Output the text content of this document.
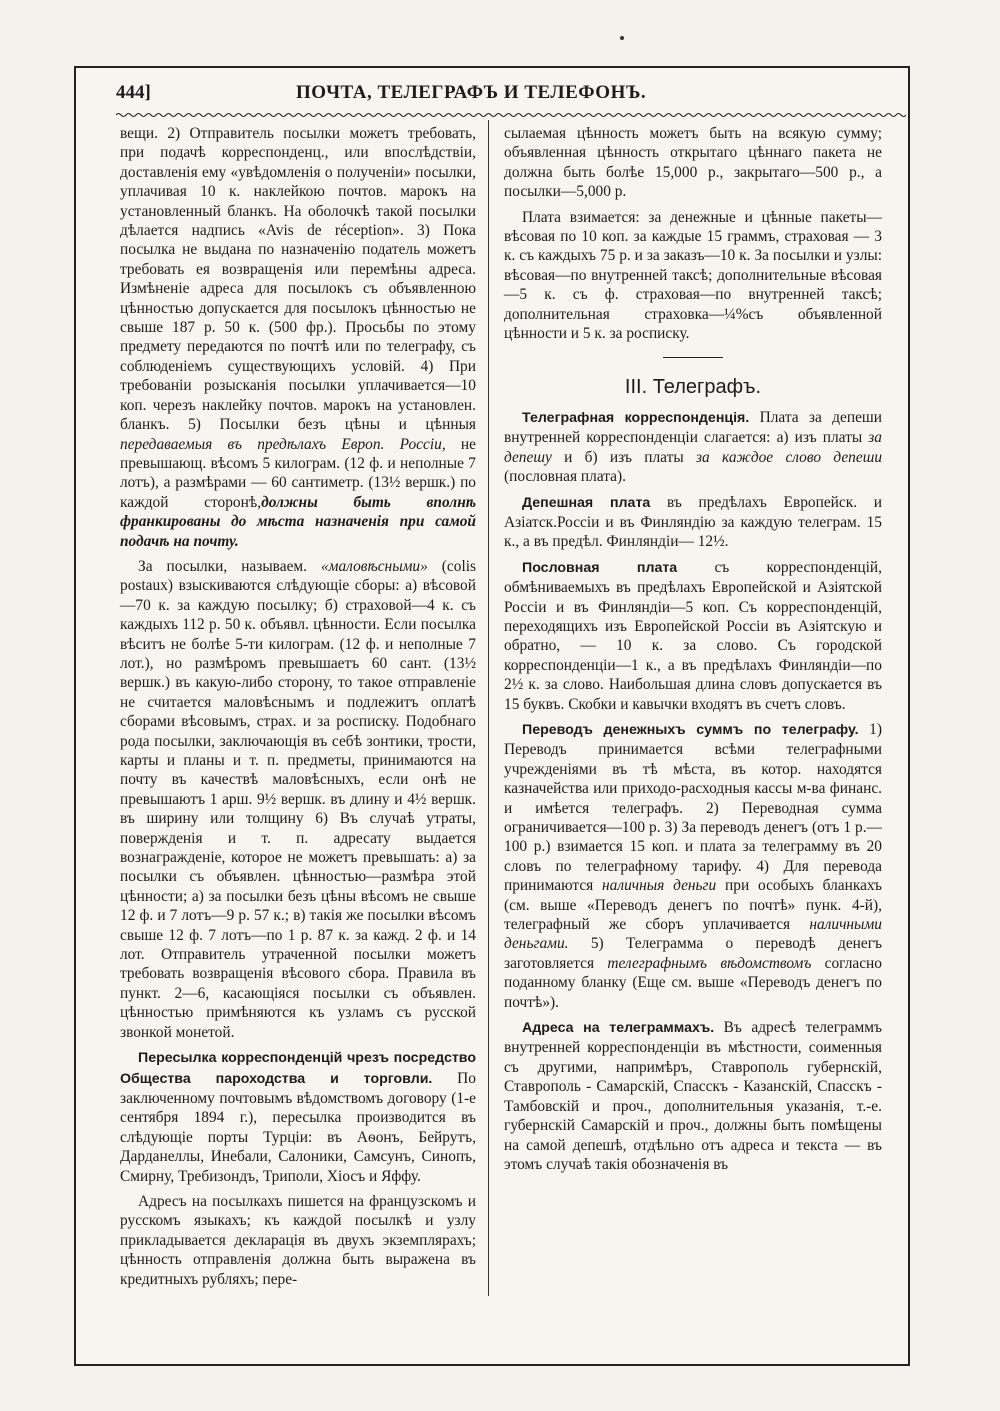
444]	ПОЧТА, ТЕЛЕГРАФЪ И ТЕЛЕФОНЪ.

вещи. 2) Отправитель посылки можетъ требовать, при подачѣ корреспонденц., или впослѣдствіи, доставленія ему «увѣдомленія о полученіи» посылки, уплачивая 10 к. наклейкою почтов. марокъ на установленный бланкъ. На оболочкѣ такой посылки дѣлается надпись «Avis de réception». 3) Пока посылка не выдана по назначенію податель можетъ требовать ея возвращенія или перемѣны адреса. Измѣненіе адреса для посылокъ съ объявленною цѣнностью допускается для посылокъ цѣнностью не свыше 187 р. 50 к. (500 фр.). Просьбы по этому предмету передаются по почтѣ или по телеграфу, съ соблюденіемъ существующихъ условій. 4) При требованіи розысканія посылки уплачивается—10 коп. черезъ наклейку почтов. марокъ на установлен. бланкъ. 5) Посылки безъ цѣны и цѣнныя передаваемыя въ предѣлахъ Европ. Россіи, не превышающ. вѣсомъ 5 килограм. (12 ф. и неполные 7 лотъ), а размѣрами — 60 сантиметр. (13½ вершк.) по каждой сторонѣ,должны быть вполнѣ франкированы до мѣста назначенія при самой подачѣ на почту.

За посылки, называем. «маловѣсными» (colis postaux) взыскиваются слѣдующіе сборы: а) вѣсовой—70 к. за каждую посылку; б) страховой—4 к. съ каждыхъ 112 р. 50 к. объявл. цѣнности. Если посылка вѣситъ не болѣе 5-ти килограм. (12 ф. и неполные 7 лот.), но размѣромъ превышаетъ 60 сант. (13½ вершк.) въ какую-либо сторону, то такое отправленіе не считается маловѣснымъ и подлежитъ оплатѣ сборами вѣсовымъ, страх. и за росписку. Подобнаго рода посылки, заключающія въ себѣ зонтики, трости, карты и планы и т. п. предметы, принимаются на почту въ качествѣ маловѣсныхъ, если онѣ не превышаютъ 1 арш. 9½ вершк. въ длину и 4½ вершк. въ ширину или толщину 6) Въ случаѣ утраты, повержденія и т. п. адресату выдается вознагражденіе, которое не можетъ превышать: а) за посылки съ объявлен. цѣнностью—размѣра этой цѣнности; а) за посылки безъ цѣны вѣсомъ не свыше 12 ф. и 7 лотъ—9 р. 57 к.; в) такія же посылки вѣсомъ свыше 12 ф. 7 лотъ—по 1 р. 87 к. за кажд. 2 ф. и 14 лот. Отправитель утраченной посылки можетъ требовать возвращенія вѣсового сбора. Правила въ пункт. 2—6, касающіяся посылки съ объявлен. цѣнностью примѣняются къ узламъ съ русской звонкой монетой.

Пересылка корреспонденцій чрезъ посредство Общества пароходства и торговли. По заключенному почтовымъ вѣдомствомъ договору (1-е сентября 1894 г.), пересылка производится въ слѣдующіе порты Турціи: въ Аѳонъ, Бейрутъ, Дарданеллы, Инебали, Салоники, Самсунъ, Синопъ, Смирну, Требизондъ, Триполи, Хіосъ и Яффу.

Адресъ на посылкахъ пишется на французскомъ и русскомъ языкахъ; къ каждой посылкѣ и узлу прикладывается декларація въ двухъ экземплярахъ; цѣнность отправленія должна быть выражена въ кредитныхъ рубляхъ; пере-

сылаемая цѣнность можетъ быть на всякую сумму; объявленная цѣнность открытаго цѣннаго пакета не должна быть болѣе 15,000 р., закрытаго—500 р., а посылки—5,000 р.

Плата взимается: за денежные и цѣнные пакеты— вѣсовая по 10 коп. за каждые 15 граммъ, страховая — 3 к. съ каждыхъ 75 р. и за заказъ—10 к. За посылки и узлы: вѣсовая—по внутренней таксѣ; дополнительные вѣсовая—5 к. съ ф. страховая—по внутренней таксѣ; дополнительная страховка—¼%съ объявленной цѣнности и 5 к. за росписку.

III. Телеграфъ.

Телеграфная корреспонденція. Плата за депеши внутренней корреспонденціи слагается: а) изъ платы за депешу и б) изъ платы за каждое слово депеши (пословная плата).

Депешная плата въ предѣлахъ Европейск. и Азіатск.Россіи и въ Финляндію за каждую телеграм. 15 к., а въ предѣл. Финляндіи— 12½.

Пословная плата съ корреспонденцій, обмѣниваемыхъ въ предѣлахъ Европейской и Азіятской Россіи и въ Финляндіи—5 коп. Съ корреспонденцій, переходящихъ изъ Европейской Россіи въ Азіятскую и обратно, — 10 к. за слово. Съ городской корреспонденціи—1 к., а въ предѣлахъ Финляндіи—по 2½ к. за слово. Наибольшая длина словъ допускается въ 15 буквъ. Скобки и кавычки входятъ въ счетъ словъ.

Переводъ денежныхъ суммъ по телеграфу. 1) Переводъ принимается всѣми телеграфными учрежденіями въ тѣ мѣста, въ котор. находятся казначейства или приходо-расходныя кассы м-ва финанс. и имѣется телеграфъ. 2) Переводная сумма ограничивается—100 р. 3) За переводъ денегъ (отъ 1 р.—100 р.) взимается 15 коп. и плата за телеграмму въ 20 словъ по телеграфному тарифу. 4) Для перевода принимаются наличныя деньги при особыхъ бланкахъ (см. выше «Переводъ денегъ по почтѣ» пунк. 4-й), телеграфный же сборъ уплачивается наличными деньгами. 5) Телеграмма о переводѣ денегъ заготовляется телеграфнымъ вѣдомствомъ согласно поданному бланку (Еще см. выше «Переводъ денегъ по почтѣ»).

Адреса на телеграммахъ. Въ адресѣ телеграммъ внутренней корреспонденціи въ мѣстности, соименныя съ другими, напримѣръ, Ставрополь губернскій, Ставрополь - Самарскій, Спасскъ - Казанскій, Спасскъ - Тамбовскій и проч., дополнительныя указанія, т.-е. губернскій Самарскій и проч., должны быть помѣщены на самой депешѣ, отдѣльно отъ адреса и текста — въ этомъ случаѣ такія обозначенія въ
